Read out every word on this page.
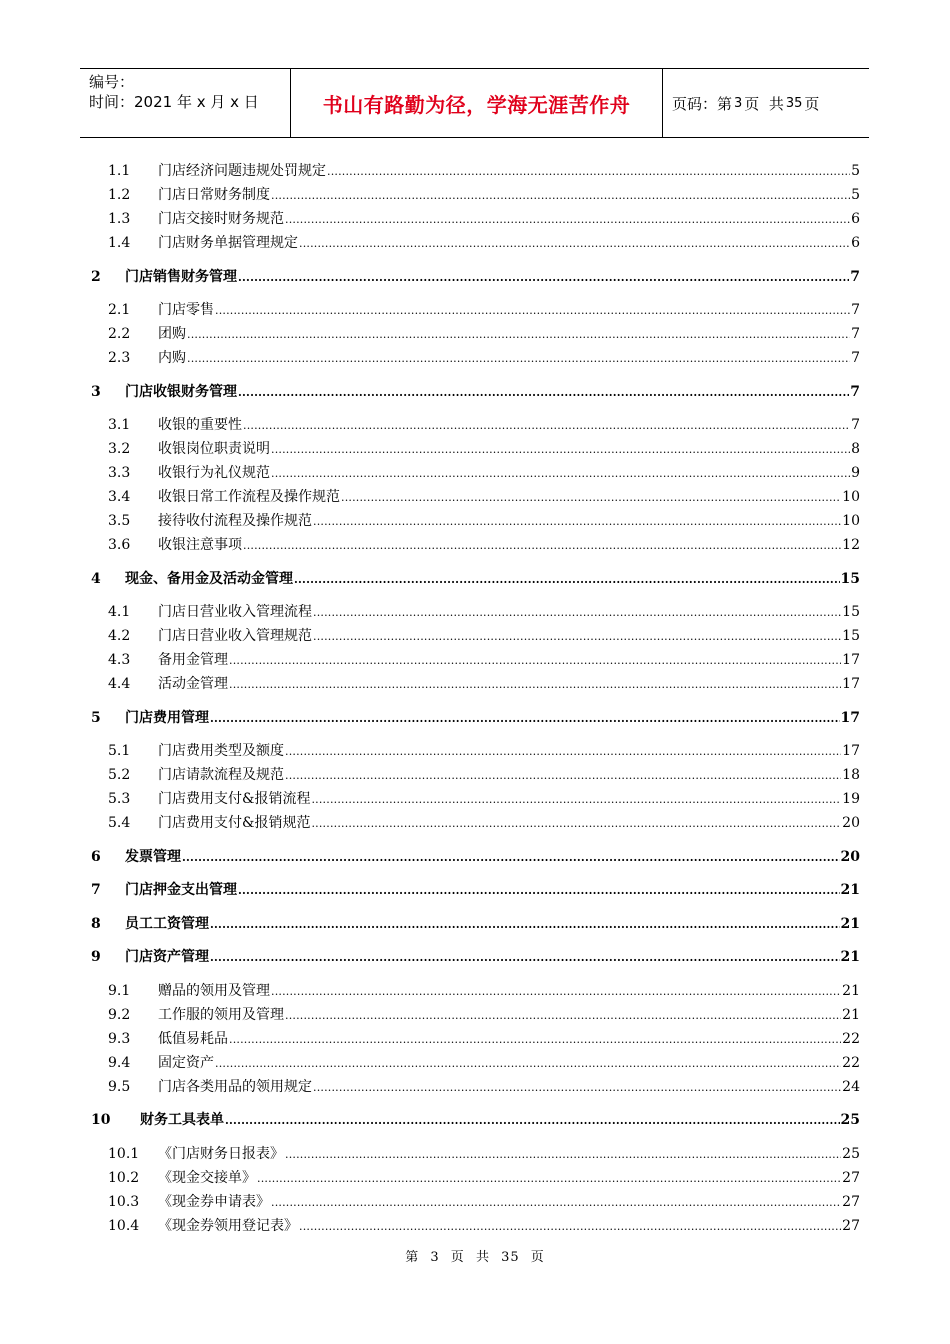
编号：
时间：2021 年 x 月 x 日	书山有路勤为径，学海无涯苦作舟	页码：第 3 页  共 35 页
1.1 门店经济问题违规处罚规定 .....	5
1.2 门店日常财务制度 .....	5
1.3 门店交接时财务规范 .....	6
1.4 门店财务单据管理规定 .....	6
2 门店销售财务管理 .....	7
2.1 门店零售 .....	7
2.2 团购 .....	7
2.3 内购 .....	7
3 门店收银财务管理 .....	7
3.1 收银的重要性 .....	7
3.2 收银岗位职责说明 .....	8
3.3 收银行为礼仪规范 .....	9
3.4 收银日常工作流程及操作规范 .....	10
3.5 接待收付流程及操作规范 .....	10
3.6 收银注意事项 .....	12
4 现金、备用金及活动金管理 .....	15
4.1 门店日营业收入管理流程 .....	15
4.2 门店日营业收入管理规范 .....	15
4.3 备用金管理 .....	17
4.4 活动金管理 .....	17
5 门店费用管理 .....	17
5.1 门店费用类型及额度 .....	17
5.2 门店请款流程及规范 .....	18
5.3 门店费用支付&报销流程 .....	19
5.4 门店费用支付&报销规范 .....	20
6 发票管理 .....	20
7 门店押金支出管理 .....	21
8 员工工资管理 .....	21
9 门店资产管理 .....	21
9.1 赠品的领用及管理 .....	21
9.2 工作服的领用及管理 .....	21
9.3 低值易耗品 .....	22
9.4 固定资产 .....	22
9.5 门店各类用品的领用规定 .....	24
10 财务工具表单 .....	25
10.1 《门店财务日报表》 .....	25
10.2 《现金交接单》 .....	27
10.3 《现金券申请表》 .....	27
10.4 《现金券领用登记表》 .....	27
第 3 页 共 35 页
